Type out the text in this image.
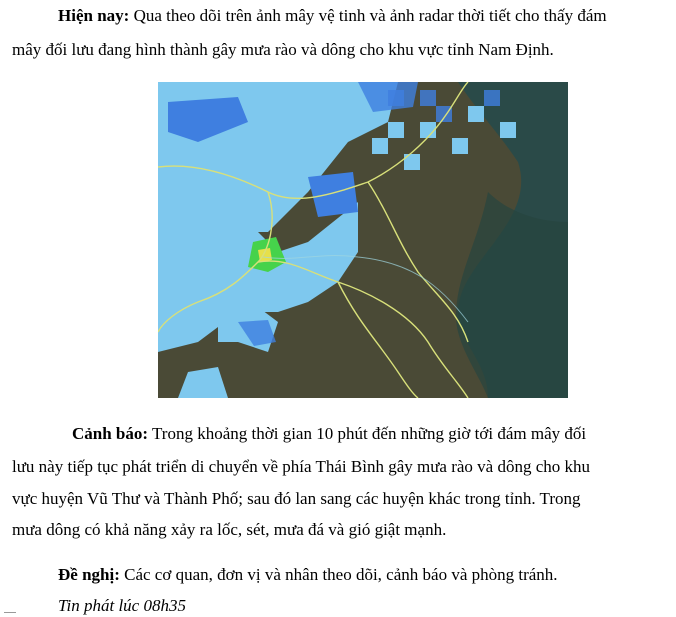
Hiện nay: Qua theo dõi trên ảnh mây vệ tinh và ảnh radar thời tiết cho thấy đám
mây đối lưu đang hình thành gây mưa rào và dông cho khu vực tỉnh Nam Định.
Cảnh báo: Trong khoảng thời gian 10 phút đến những giờ tới đám mây đối
lưu này tiếp tục phát triển di chuyển về phía Thái Bình gây mưa rào và dông cho khu
vực huyện Vũ Thư và Thành Phố; sau đó lan sang các huyện khác trong tỉnh. Trong
mưa dông có khả năng xảy ra lốc, sét, mưa đá và gió giật mạnh.
Đề nghị: Các cơ quan, đơn vị và nhân theo dõi, cảnh báo và phòng tránh.
Tin phát lúc 08h35
